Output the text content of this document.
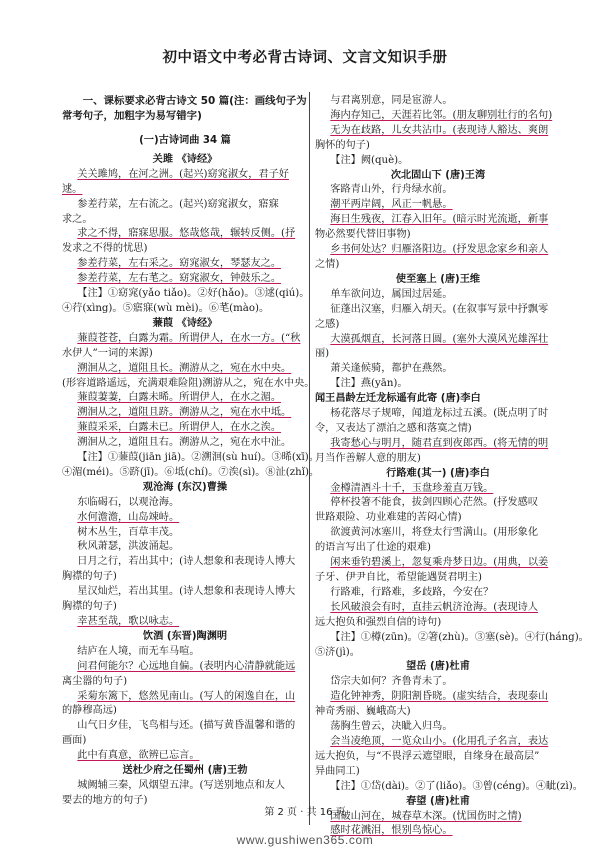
初中语文中考必背古诗词、文言文知识手册
一、课标要求必背古诗文 50 篇(注：画线句子为常考句子，加粗字为易写错字)
(一)古诗词曲 34 篇
关雎 《诗经》
关关雎鸠，在河之洲。(起兴)窈窕淑女，君子好
逑。
参差荇菜，左右流之。(起兴)窈窕淑女，寤寐
求之。
求之不得，寤寐思服。悠哉悠哉，辗转反侧。(抒
发求之不得的忧思)
参差荇菜，左右采之。窈窕淑女，琴瑟友之。
参差荇菜，左右芼之。窈窕淑女，钟鼓乐之。
【注】①窈窕(yǎo tiǎo)。②好(hǎo)。③逑(qiú)。
④荇(xìng)。⑤寤寐(wù mèi)。⑥芼(mào)。
蒹葭 《诗经》
蒹葭苍苍，白露为霜。所谓伊人，在水一方。(“秋
水伊人”一词的来源)
溯洄从之，道阻且长。溯游从之，宛在水中央。
(形容道路遥远，充满艰难险阻)溯游从之，宛在水中央。
蒹葭萋萋，白露未晞。所谓伊人，在水之湄。
溯洄从之，道阻且跻。溯游从之，宛在水中坻。
蒹葭采采，白露未已。所谓伊人，在水之涘。
溯洄从之，道阻且右。溯游从之，宛在水中沚。
【注】①蒹葭(jiān jiā)。②溯洄(sù huí)。③晞(xī)。
④湄(méi)。⑤跻(jī)。⑥坻(chí)。⑦涘(sì)。⑧沚(zhǐ)。
观沧海 (东汉)曹操
东临碣石，以观沧海。
水何澹澹，山岛竦峙。
树木丛生，百草丰茂。
秋风萧瑟，洪波涌起。
日月之行，若出其中；(诗人想象和表现诗人博大
胸襟的句子)
星汉灿烂，若出其里。(诗人想象和表现诗人博大
胸襟的句子)
幸甚至哉，歌以咏志。
饮酒 (东晋)陶渊明
结庐在人境，而无车马喧。
问君何能尔？心远地自偏。(表明内心清静就能远
离尘嚣的句子)
采菊东篱下，悠然见南山。(写人的闲逸自在，山
的静穆高远)
山气日夕佳，飞鸟相与还。(描写黄昏温馨和谐的
画面)
此中有真意，欲辨已忘言。
送杜少府之任蜀州 (唐)王勃
城阙辅三秦，风烟望五津。(写送别地点和友人
要去的地方的句子)
与君离别意，同是宦游人。
海内存知己，天涯若比邻。(朋友聊别壮行的名句)
无为在歧路，儿女共沾巾。(表现诗人豁达、爽朗
胸怀的句子)
【注】阙(què)。
次北固山下 (唐)王湾
客路青山外，行舟绿水前。
潮平两岸阔，风正一帆悬。
海日生残夜，江春入旧年。(暗示时光流逝，新事
物必然要代替旧事物)
乡书何处达？归雁洛阳边。(抒发思念家乡和亲人
之情)
使至塞上 (唐)王维
单车欲问边，属国过居延。
征蓬出汉塞，归雁入胡天。(在叙事写景中抒飘零
之感)
大漠孤烟直，长河落日圆。(塞外大漠风光雄浑壮
丽)
萧关逢候骑，都护在燕然。
【注】燕(yān)。
闻王昌龄左迁龙标遥有此寄 (唐)李白
杨花落尽子规啼，闻道龙标过五溪。(既点明了时
令，又表达了漂泊之感和落寞之情)
我寄愁心与明月，随君直到夜郎西。(将无情的明
月当作善解人意的朋友)
行路难(其一) (唐)李白
金樽清酒斗十千，玉盘珍羞直万钱。
停杯投箸不能食，拔剑四顾心茫然。(抒发感叹
世路艰险、功业难建的苦闷心情)
欲渡黄河冰塞川，将登太行雪满山。(用形象化
的语言写出了仕途的艰难)
闲来垂钓碧溪上，忽复乘舟梦日边。(用典，以姜
子牙、伊尹自比，希望能遇贤君明主)
行路难，行路难，多歧路，今安在？
长风破浪会有时，直挂云帆济沧海。(表现诗人
远大抱负和强烈自信的诗句)
【注】①樽(zūn)。②箸(zhù)。③塞(sè)。④行(háng)。
⑤济(jì)。
望岳 (唐)杜甫
岱宗夫如何？齐鲁青未了。
造化钟神秀，阴阳割昏晓。(虚实结合，表现泰山
神奇秀丽、巍峨高大)
荡胸生曾云，决眦入归鸟。
会当凌绝顶，一览众山小。(化用孔子名言，表达
远大抱负，与“不畏浮云遮望眼，自缘身在最高层”
异曲同工)
【注】①岱(dài)。②了(liǎo)。③曾(céng)。④眦(zì)。
春望 (唐)杜甫
国破山河在，城春草木深。(忧国伤时之情)
感时花溅泪，恨别鸟惊心。
第 2 页 · 共 16 页
www.gushiwen365.com
